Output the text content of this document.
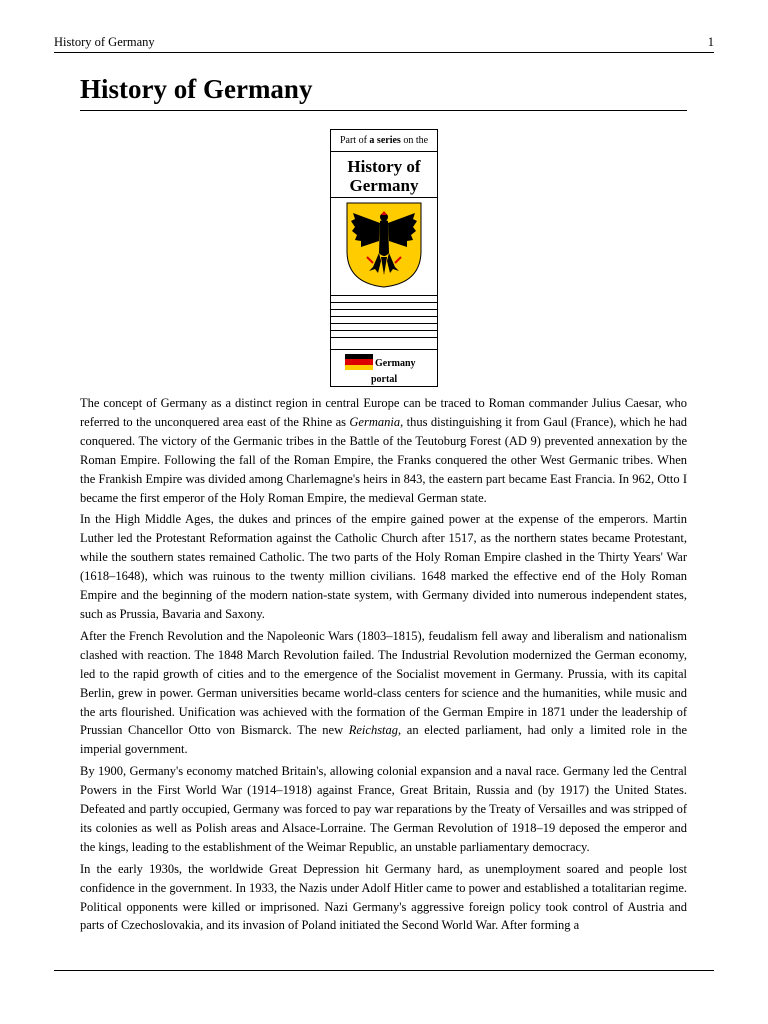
History of Germany	1
History of Germany
Part of a series on the
History of
Germany
Germany
portal

The concept of Germany as a distinct region in central Europe can be traced to Roman commander Julius Caesar, who referred to the unconquered area east of the Rhine as Germania, thus distinguishing it from Gaul (France), which he had conquered. The victory of the Germanic tribes in the Battle of the Teutoburg Forest (AD 9) prevented annexation by the Roman Empire. Following the fall of the Roman Empire, the Franks conquered the other West Germanic tribes. When the Frankish Empire was divided among Charlemagne's heirs in 843, the eastern part became East Francia. In 962, Otto I became the first emperor of the Holy Roman Empire, the medieval German state.

In the High Middle Ages, the dukes and princes of the empire gained power at the expense of the emperors. Martin Luther led the Protestant Reformation against the Catholic Church after 1517, as the northern states became Protestant, while the southern states remained Catholic. The two parts of the Holy Roman Empire clashed in the Thirty Years' War (1618–1648), which was ruinous to the twenty million civilians. 1648 marked the effective end of the Holy Roman Empire and the beginning of the modern nation-state system, with Germany divided into numerous independent states, such as Prussia, Bavaria and Saxony.

After the French Revolution and the Napoleonic Wars (1803–1815), feudalism fell away and liberalism and nationalism clashed with reaction. The 1848 March Revolution failed. The Industrial Revolution modernized the German economy, led to the rapid growth of cities and to the emergence of the Socialist movement in Germany. Prussia, with its capital Berlin, grew in power. German universities became world-class centers for science and the humanities, while music and the arts flourished. Unification was achieved with the formation of the German Empire in 1871 under the leadership of Prussian Chancellor Otto von Bismarck. The new Reichstag, an elected parliament, had only a limited role in the imperial government.

By 1900, Germany's economy matched Britain's, allowing colonial expansion and a naval race. Germany led the Central Powers in the First World War (1914–1918) against France, Great Britain, Russia and (by 1917) the United States. Defeated and partly occupied, Germany was forced to pay war reparations by the Treaty of Versailles and was stripped of its colonies as well as Polish areas and Alsace-Lorraine. The German Revolution of 1918–19 deposed the emperor and the kings, leading to the establishment of the Weimar Republic, an unstable parliamentary democracy.

In the early 1930s, the worldwide Great Depression hit Germany hard, as unemployment soared and people lost confidence in the government. In 1933, the Nazis under Adolf Hitler came to power and established a totalitarian regime. Political opponents were killed or imprisoned. Nazi Germany's aggressive foreign policy took control of Austria and parts of Czechoslovakia, and its invasion of Poland initiated the Second World War. After forming a
